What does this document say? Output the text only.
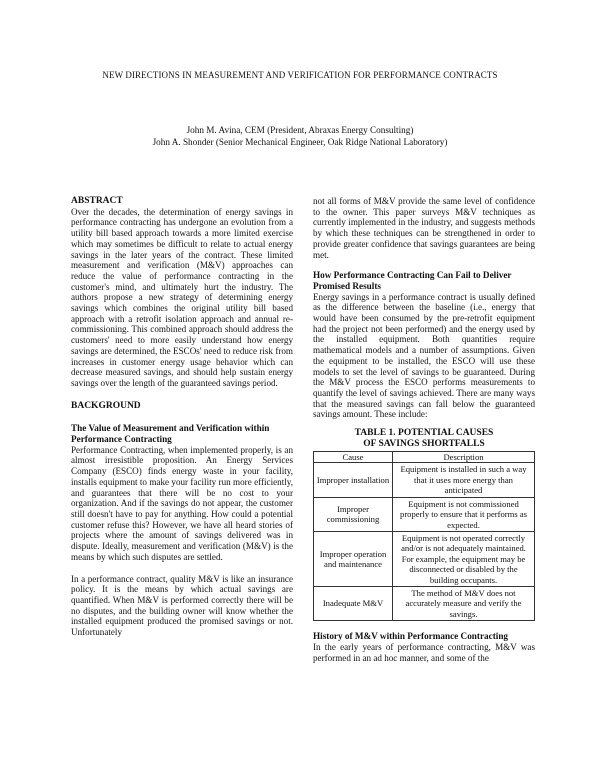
NEW DIRECTIONS IN MEASUREMENT AND VERIFICATION FOR PERFORMANCE CONTRACTS
John M. Avina, CEM (President, Abraxas Energy Consulting)
John A. Shonder (Senior Mechanical Engineer, Oak Ridge National Laboratory)
ABSTRACT

Over the decades, the determination of energy savings in performance contracting has undergone an evolution from a utility bill based approach towards a more limited exercise which may sometimes be difficult to relate to actual energy savings in the later years of the contract. These limited measurement and verification (M&V) approaches can reduce the value of performance contracting in the customer's mind, and ultimately hurt the industry. The authors propose a new strategy of determining energy savings which combines the original utility bill based approach with a retrofit isolation approach and annual re-commissioning. This combined approach should address the customers' need to more easily understand how energy savings are determined, the ESCOs' need to reduce risk from increases in customer energy usage behavior which can decrease measured savings, and should help sustain energy savings over the length of the guaranteed savings period.

BACKGROUND
The Value of Measurement and Verification within Performance Contracting

Performance Contracting, when implemented properly, is an almost irresistible proposition. An Energy Services Company (ESCO) finds energy waste in your facility, installs equipment to make your facility run more efficiently, and guarantees that there will be no cost to your organization. And if the savings do not appear, the customer still doesn't have to pay for anything. How could a potential customer refuse this? However, we have all heard stories of projects where the amount of savings delivered was in dispute. Ideally, measurement and verification (M&V) is the means by which such disputes are settled.

In a performance contract, quality M&V is like an insurance policy. It is the means by which actual savings are quantified. When M&V is performed correctly there will be no disputes, and the building owner will know whether the installed equipment produced the promised savings or not. Unfortunately

not all forms of M&V provide the same level of confidence to the owner. This paper surveys M&V techniques as currently implemented in the industry, and suggests methods by which these techniques can be strengthened in order to provide greater confidence that savings guarantees are being met.

How Performance Contracting Can Fail to Deliver Promised Results

Energy savings in a performance contract is usually defined as the difference between the baseline (i.e., energy that would have been consumed by the pre-retrofit equipment had the project not been performed) and the energy used by the installed equipment. Both quantities require mathematical models and a number of assumptions. Given the equipment to be installed, the ESCO will use these models to set the level of savings to be guaranteed. During the M&V process the ESCO performs measurements to quantify the level of savings achieved. There are many ways that the measured savings can fall below the guaranteed savings amount. These include:

TABLE 1. POTENTIAL CAUSES
OF SAVINGS SHORTFALLS
Cause	Description
Improper installation	Equipment is installed in such a way that it uses more energy than anticipated
Improper commissioning	Equipment is not commissioned properly to ensure that it performs as expected.
Improper operation and maintenance	Equipment is not operated correctly and/or is not adequately maintained. For example, the equipment may be disconnected or disabled by the building occupants.
Inadequate M&V	The method of M&V does not accurately measure and verify the savings.
History of M&V within Performance Contracting

In the early years of performance contracting, M&V was performed in an ad hoc manner, and some of the
